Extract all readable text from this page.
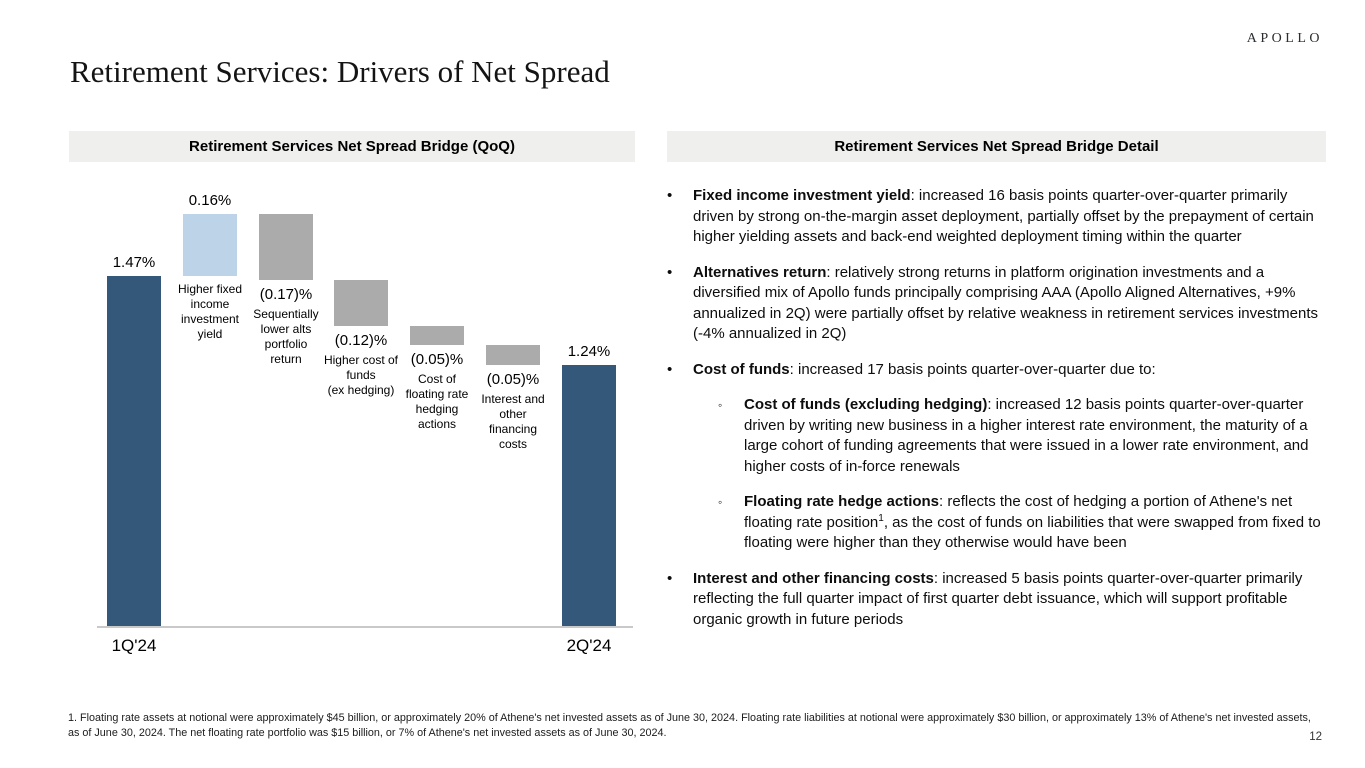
APOLLO
Retirement Services: Drivers of Net Spread
Retirement Services Net Spread Bridge (QoQ)	Retirement Services Net Spread Bridge Detail
1.47%
1Q'24
0.16%
Higher fixed
income
investment
yield
(0.17)%
Sequentially
lower alts
portfolio
return
(0.12)%
Higher cost of
funds
(ex hedging)
(0.05)%
Cost of
floating rate
hedging
actions
(0.05)%
Interest and
other
financing
costs
1.24%
2Q'24
•	Fixed income investment yield: increased 16 basis points quarter-over-quarter primarily driven by strong on-the-margin asset deployment, partially offset by the prepayment of certain higher yielding assets and back-end weighted deployment timing within the quarter
•	Alternatives return: relatively strong returns in platform origination investments and a diversified mix of Apollo funds principally comprising AAA (Apollo Aligned Alternatives, +9% annualized in 2Q) were partially offset by relative weakness in retirement services investments (-4% annualized in 2Q)
•	Cost of funds: increased 17 basis points quarter-over-quarter due to:
◦	Cost of funds (excluding hedging): increased 12 basis points quarter-over-quarter driven by writing new business in a higher interest rate environment, the maturity of a large cohort of funding agreements that were issued in a lower rate environment, and higher costs of in-force renewals
◦	Floating rate hedge actions: reflects the cost of hedging a portion of Athene's net floating rate position$^1$, as the cost of funds on liabilities that were swapped from fixed to floating were higher than they otherwise would have been
•	Interest and other financing costs: increased 5 basis points quarter-over-quarter primarily reflecting the full quarter impact of first quarter debt issuance, which will support profitable organic growth in future periods
1. Floating rate assets at notional were approximately $45 billion, or approximately 20% of Athene's net invested assets as of June 30, 2024. Floating rate liabilities at notional were approximately $30 billion, or approximately 13% of Athene's net invested assets, as of June 30, 2024. The net floating rate portfolio was $15 billion, or 7% of Athene's net invested assets as of June 30, 2024.	12
